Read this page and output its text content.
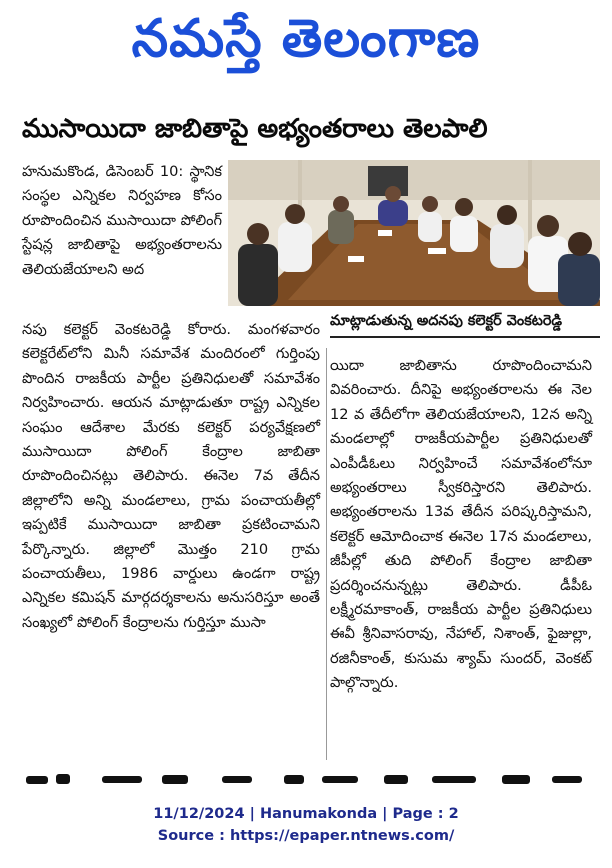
నమస్తే తెలంగాణ
ముసాయిదా జాబితాపై అభ్యంతరాలు తెలపాలి

హనుమకొండ, డిసెంబర్ 10: స్థానిక సంస్థల ఎన్నికల నిర్వహణ కోసం రూపొందించిన ముసాయిదా పోలింగ్ స్టేషన్ల జాబితాపై అభ్యంతరాలను తెలియజేయాలని అద

మాట్లాడుతున్న అదనపు కలెక్టర్ వెంకటరెడ్డి

నపు కలెక్టర్ వెంకటరెడ్డి కోరారు. మంగళవారం కలెక్టరేట్‌లోని మినీ సమావేశ మందిరంలో గుర్తింపు పొందిన రాజకీయ పార్టీల ప్రతినిధులతో సమావేశం నిర్వహించారు. ఆయన మాట్లాడుతూ రాష్ట్ర ఎన్నికల సంఘం ఆదేశాల మేరకు కలెక్టర్ పర్యవేక్షణలో ముసాయిదా పోలింగ్ కేంద్రాల జాబితా రూపొందించినట్లు తెలిపారు. ఈనెల 7వ తేదీన జిల్లాలోని అన్ని మండలాలు, గ్రామ పంచాయతీల్లో ఇప్పటికే ముసాయిదా జాబితా ప్రకటించామని పేర్కొన్నారు. జిల్లాలో మొత్తం 210 గ్రామ పంచాయతీలు, 1986 వార్డులు ఉండగా రాష్ట్ర ఎన్నికల కమిషన్ మార్గదర్శకాలను అనుసరిస్తూ అంతే సంఖ్యలో పోలింగ్ కేంద్రాలను గుర్తిస్తూ ముసా

యిదా జాబితాను రూపొందించామని వివరించారు. దీనిపై అభ్యంతరాలను ఈ నెల 12 వ తేదీలోగా తెలియజేయాలని, 12న అన్ని మండలాల్లో రాజకీయపార్టీల ప్రతినిధులతో ఎంపీడీఓలు నిర్వహించే సమావేశంలోనూ అభ్యంతరాలు స్వీకరిస్తారని తెలిపారు. అభ్యంతరాలను 13వ తేదీన పరిష్కరిస్తామని, కలెక్టర్ ఆమోదించాక ఈనెల 17న మండలాలు, జీపీల్లో తుది పోలింగ్ కేంద్రాల జాబితా ప్రదర్శించనున్నట్లు తెలిపారు. డీపీఓ లక్ష్మీరమాకాంత్, రాజకీయ పార్టీల ప్రతినిధులు ఈవీ శ్రీనివాసరావు, నేహాల్, నిశాంత్, ఫైజుల్లా, రజినీకాంత్, కుసుమ శ్యామ్ సుందర్, వెంకట్ పాల్గొన్నారు.

11/12/2024 | Hanumakonda | Page : 2
Source : https://epaper.ntnews.com/
